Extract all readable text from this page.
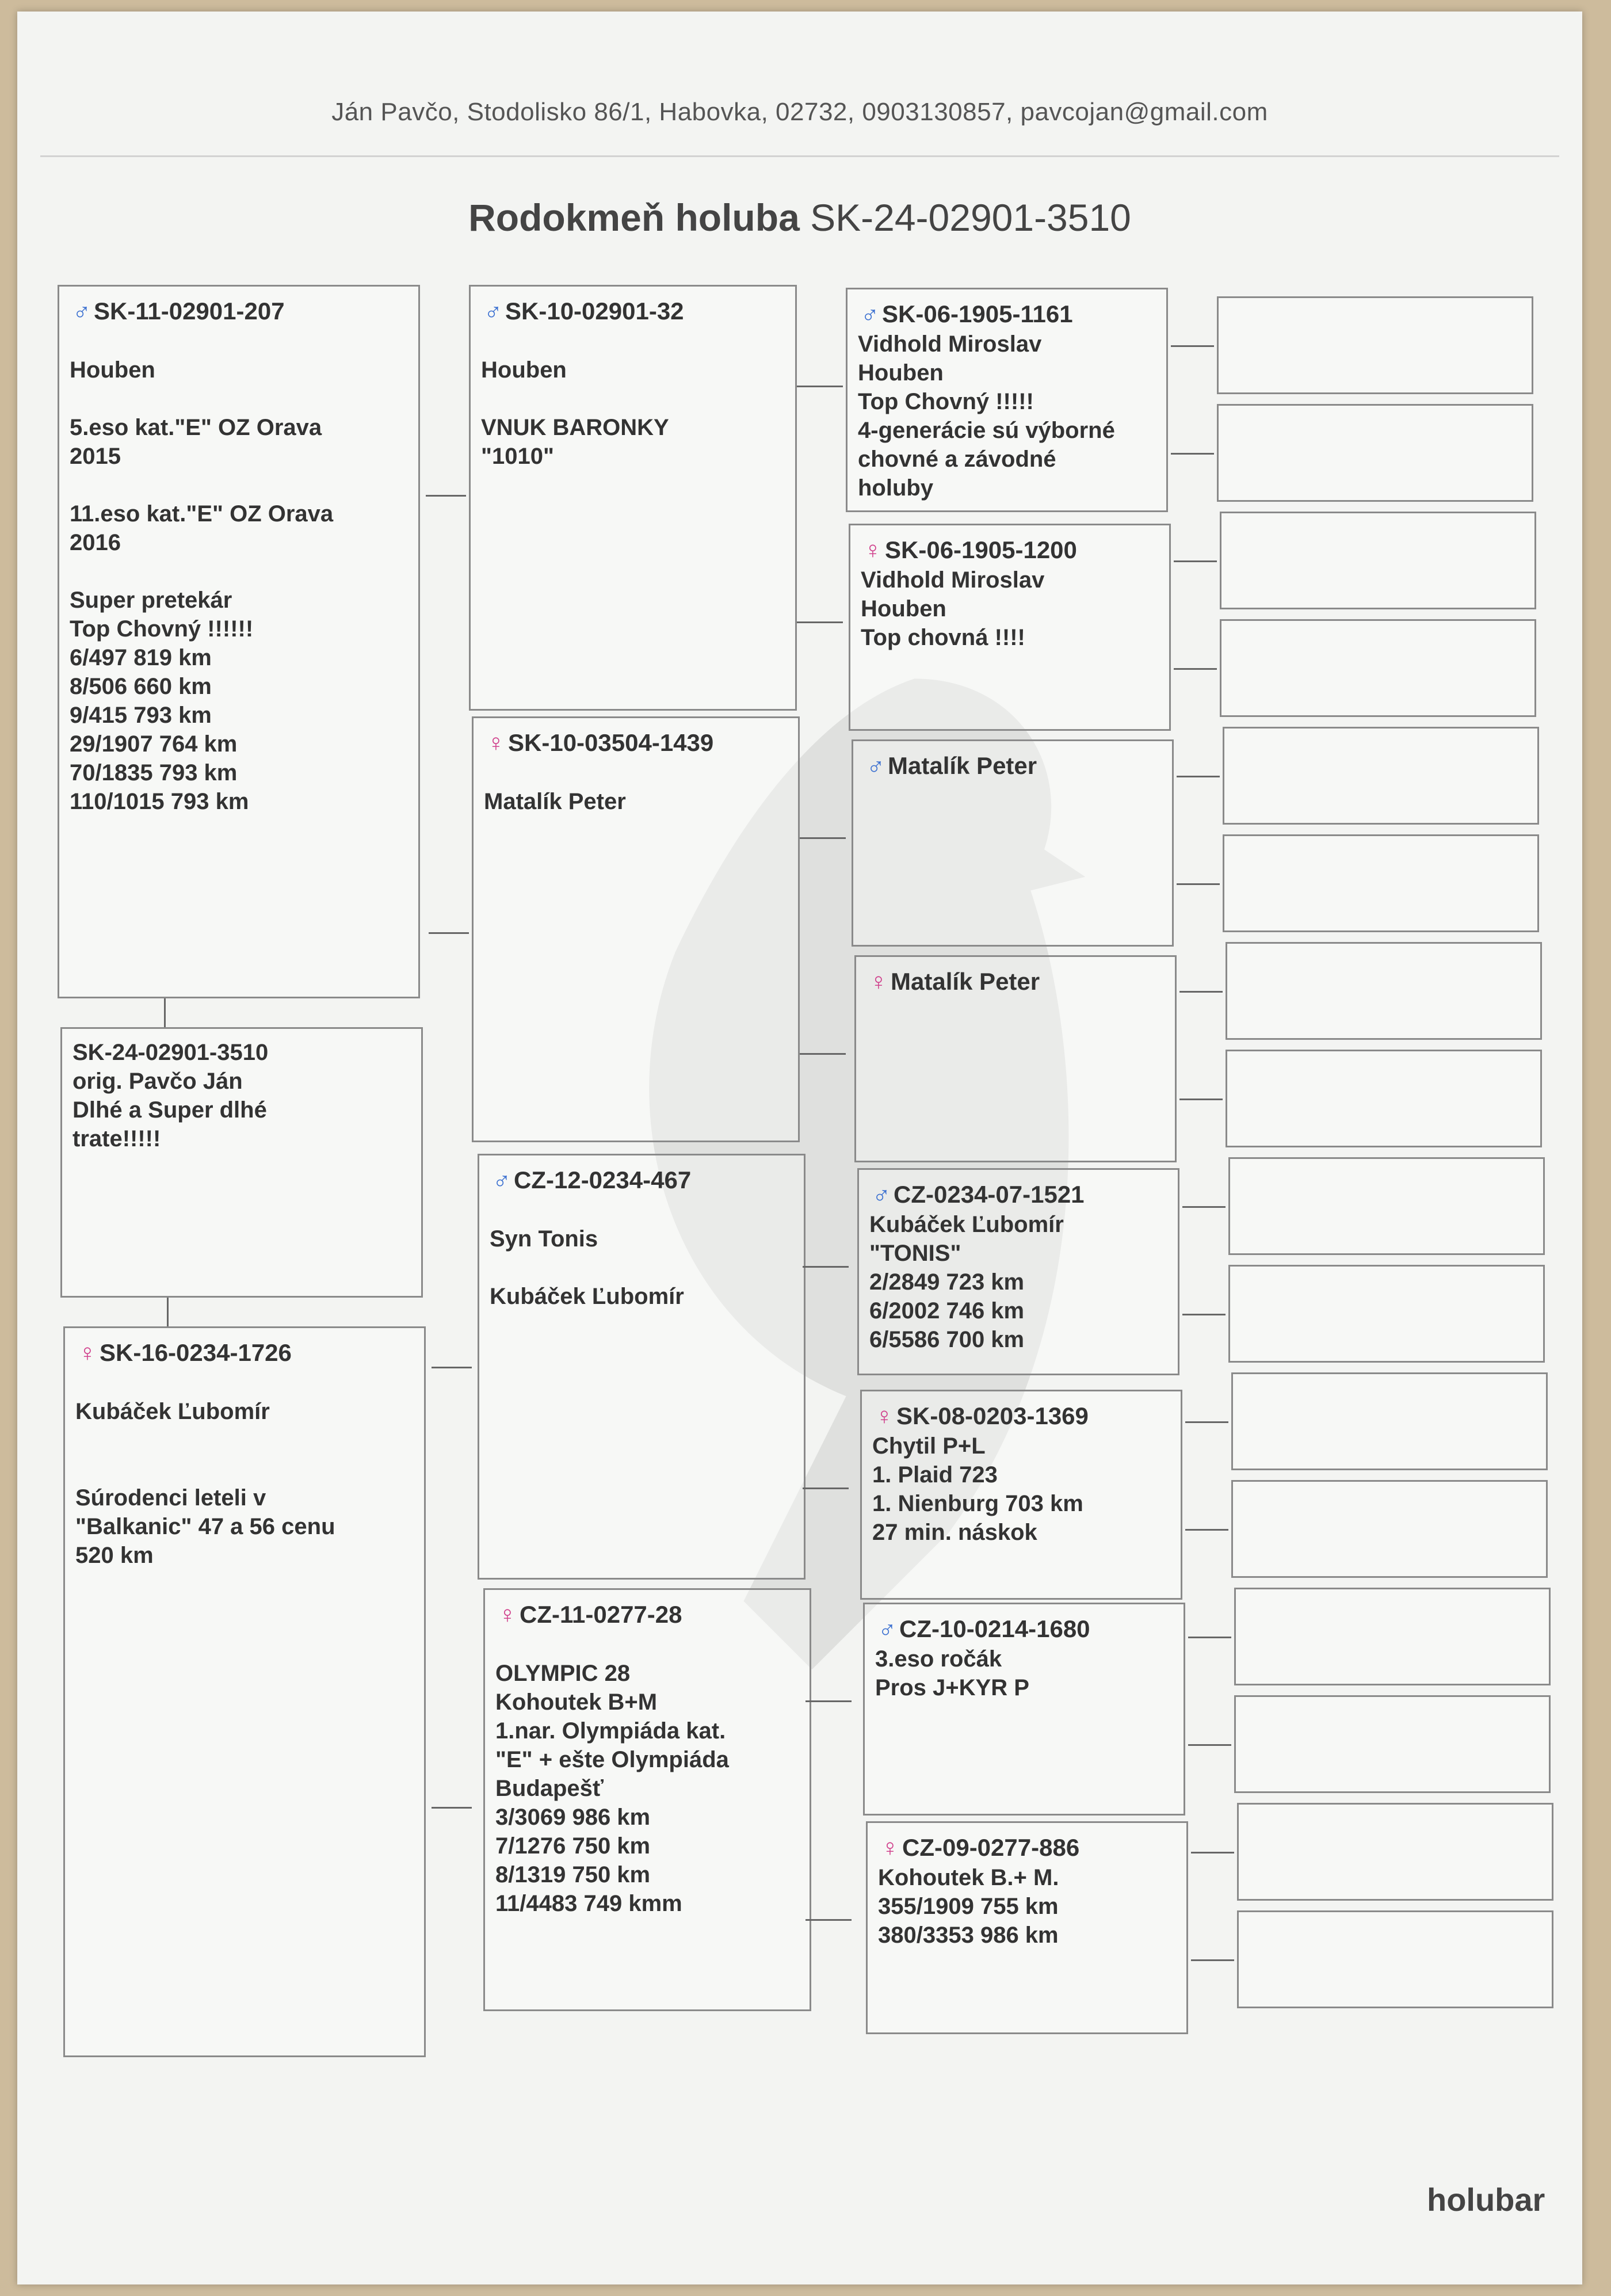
Ján Pavčo, Stodolisko 86/1, Habovka, 02732, 0903130857, pavcojan@gmail.com
Rodokmeň holuba SK-24-02901-3510
♂ SK-11-02901-207
Houben
5.eso kat."E" OZ Orava
2015
11.eso kat."E" OZ Orava
2016
Super pretekár
Top Chovný !!!!!!
6/497 819 km
8/506 660 km
9/415 793 km
29/1907 764 km
70/1835 793 km
110/1015 793 km
SK-24-02901-3510
orig. Pavčo Ján
Dlhé a Super dlhé
trate!!!!!
♀ SK-16-0234-1726
Kubáček Ľubomír
Súrodenci leteli v
"Balkanic" 47 a 56 cenu
520 km
♂ SK-10-02901-32
Houben
VNUK BARONKY
"1010"
♀ SK-10-03504-1439
Matalík Peter
♂ CZ-12-0234-467
Syn Tonis
Kubáček Ľubomír
♀ CZ-11-0277-28
OLYMPIC 28
Kohoutek B+M
1.nar. Olympiáda kat.
"E" + ešte Olympiáda
Budapešť
3/3069 986 km
7/1276 750 km
8/1319 750 km
11/4483 749 kmm
♂ SK-06-1905-1161
Vidhold Miroslav
Houben
Top Chovný !!!!!
4-generácie sú výborné
chovné a závodné
holuby
♀ SK-06-1905-1200
Vidhold Miroslav
Houben
Top chovná !!!!
♂ Matalík Peter
♀ Matalík Peter
♂ CZ-0234-07-1521
Kubáček Ľubomír
"TONIS"
2/2849 723 km
6/2002 746 km
6/5586 700 km
♀ SK-08-0203-1369
Chytil P+L
1. Plaid 723
1. Nienburg 703 km
27 min. náskok
♂ CZ-10-0214-1680
3.eso ročák
Pros J+KYR P
♀ CZ-09-0277-886
Kohoutek B.+ M.
355/1909 755 km
380/3353 986 km
holubar
